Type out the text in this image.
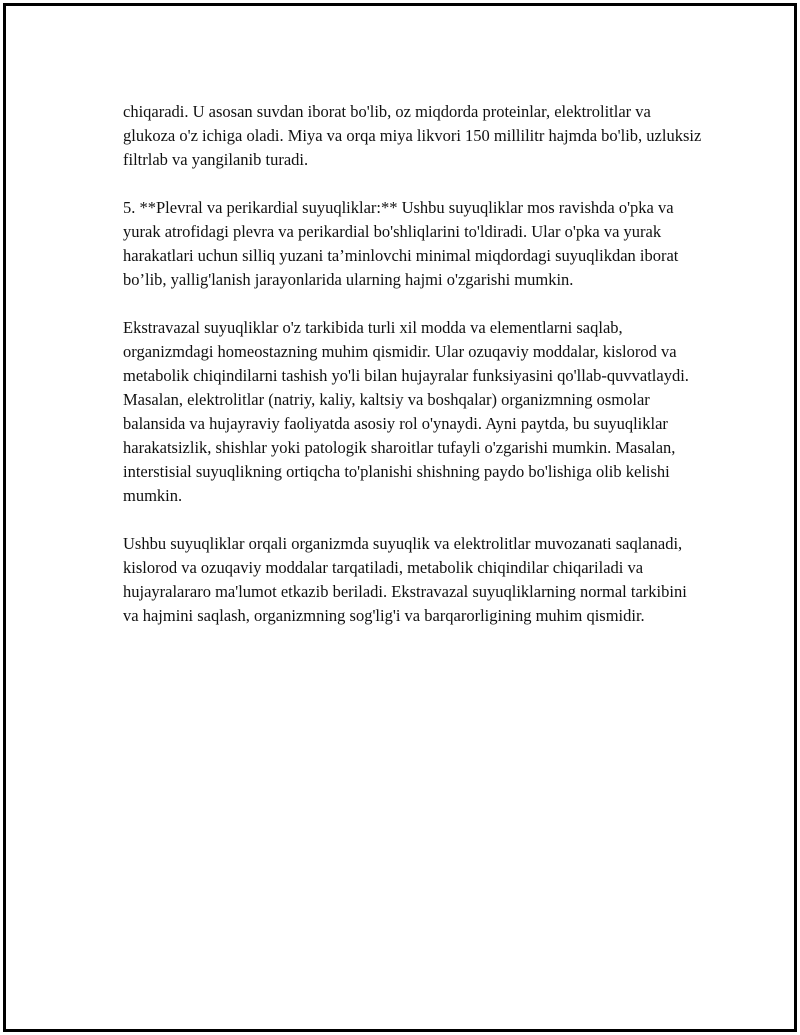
chiqaradi. U asosan suvdan iborat bo'lib, oz miqdorda proteinlar, elektrolitlar va glukoza o'z ichiga oladi. Miya va orqa miya likvori 150 millilitr hajmda bo'lib, uzluksiz filtrlab va yangilanib turadi.

5. **Plevral va perikardial suyuqliklar:** Ushbu suyuqliklar mos ravishda o'pka va yurak atrofidagi plevra va perikardial bo'shliqlarini to'ldiradi. Ular o'pka va yurak harakatlari uchun silliq yuzani ta’minlovchi minimal miqdordagi suyuqlikdan iborat bo’lib, yallig'lanish jarayonlarida ularning hajmi o'zgarishi mumkin.

Ekstravazal suyuqliklar o'z tarkibida turli xil modda va elementlarni saqlab, organizmdagi homeostazning muhim qismidir. Ular ozuqaviy moddalar, kislorod va metabolik chiqindilarni tashish yo'li bilan hujayralar funksiyasini qo'llab-quvvatlaydi. Masalan, elektrolitlar (natriy, kaliy, kaltsiy va boshqalar) organizmning osmolar balansida va hujayraviy faoliyatda asosiy rol o'ynaydi. Ayni paytda, bu suyuqliklar harakatsizlik, shishlar yoki patologik sharoitlar tufayli o'zgarishi mumkin. Masalan, interstisial suyuqlikning ortiqcha to'planishi shishning paydo bo'lishiga olib kelishi mumkin.

Ushbu suyuqliklar orqali organizmda suyuqlik va elektrolitlar muvozanati saqlanadi, kislorod va ozuqaviy moddalar tarqatiladi, metabolik chiqindilar chiqariladi va hujayralararo ma'lumot etkazib beriladi. Ekstravazal suyuqliklarning normal tarkibini va hajmini saqlash, organizmning sog'lig'i va barqarorligining muhim qismidir.
